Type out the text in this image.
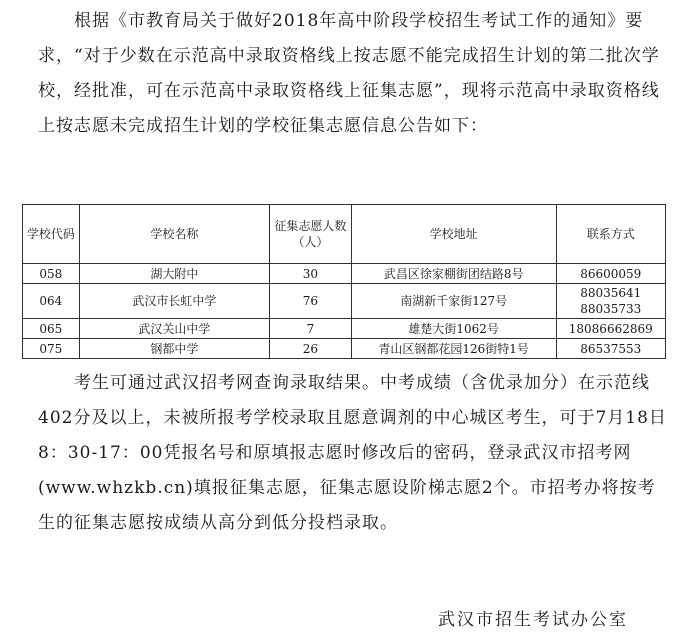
根据《市教育局关于做好2018年高中阶段学校招生考试工作的通知》要求，“对于少数在示范高中录取资格线上按志愿不能完成招生计划的第二批次学校，经批准，可在示范高中录取资格线上征集志愿”，现将示范高中录取资格线上按志愿未完成招生计划的学校征集志愿信息公告如下：

学校代码	学校名称	征集志愿人数（人）	学校地址	联系方式
058	湖大附中	30	武昌区徐家棚街团结路8号	86600059
064	武汉市长虹中学	76	南湖新千家街127号	88035641
88035733

065	武汉关山中学	7	雄楚大街1062号	18086662869
075	钢都中学	26	青山区钢都花园126街特1号	86537553

考生可通过武汉招考网查询录取结果。中考成绩（含优录加分）在示范线402分及以上，未被所报考学校录取且愿意调剂的中心城区考生，可于7月18日8：30-17：00凭报名号和原填报志愿时修改后的密码，登录武汉市招考网(www.whzkb.cn)填报征集志愿，征集志愿设阶梯志愿2个。市招考办将按考生的征集志愿按成绩从高分到低分投档录取。

武汉市招生考试办公室
